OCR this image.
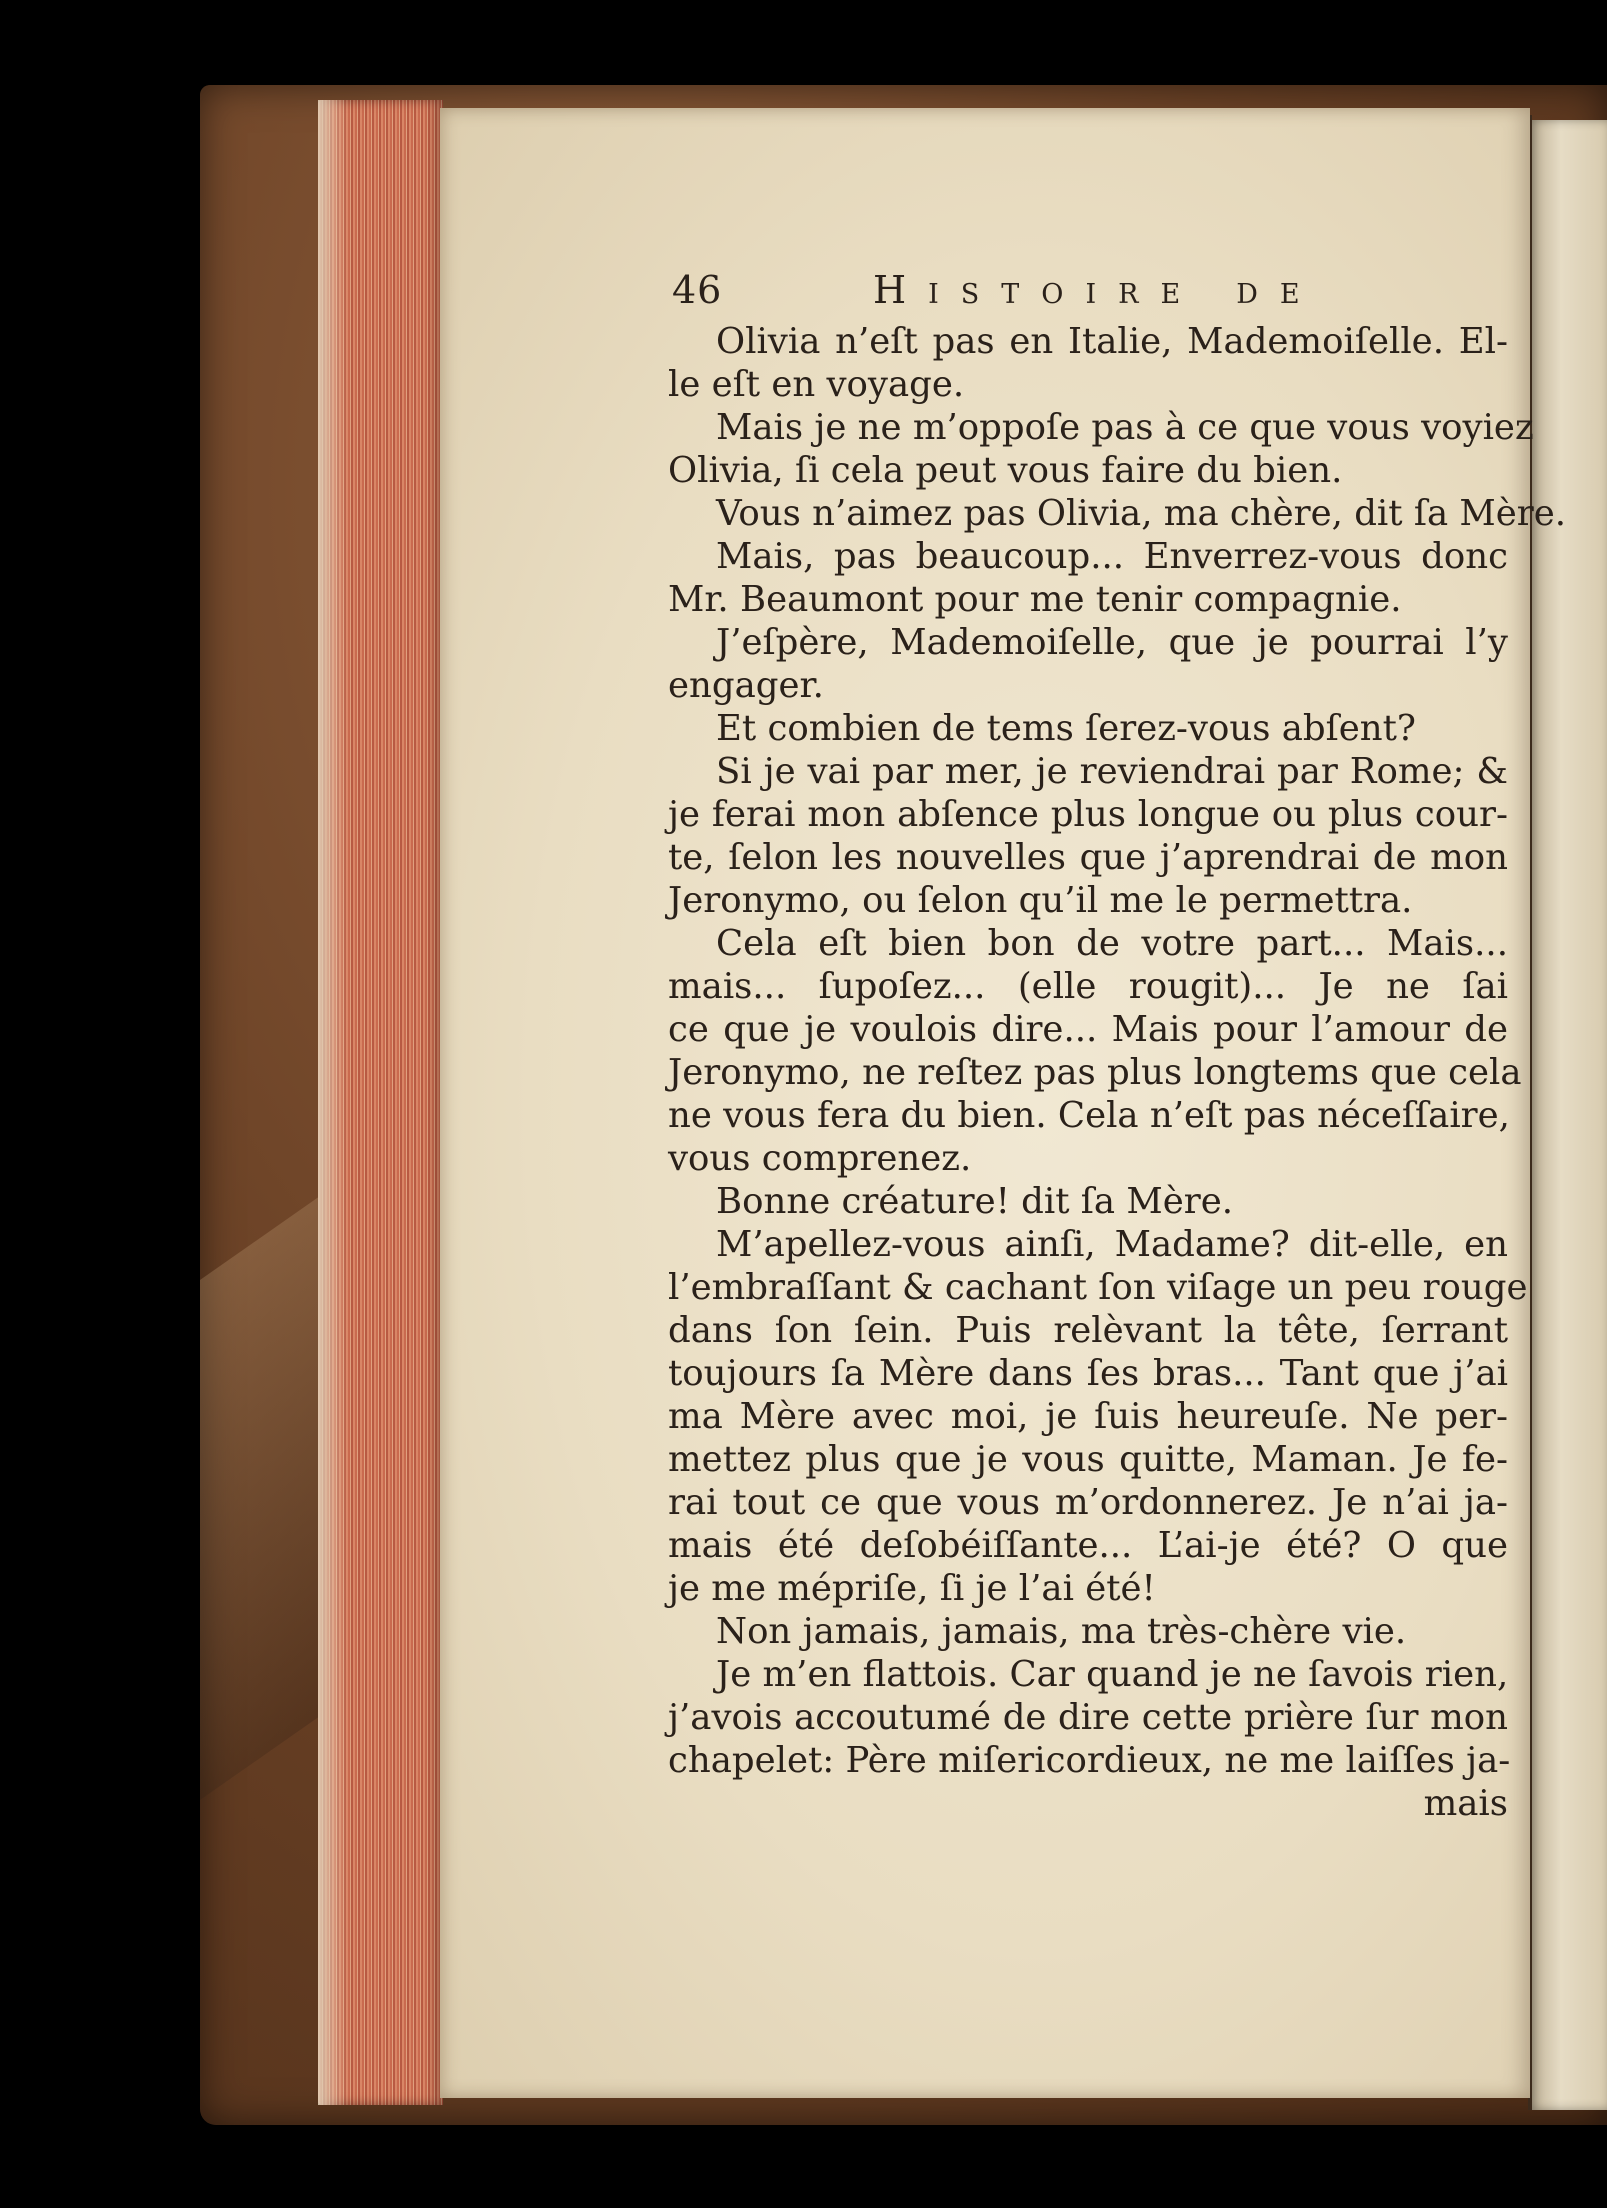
46	Histoire de
Olivia n’eſt pas en Italie, Mademoiſelle. El-
le eſt en voyage.
Mais je ne m’oppoſe pas à ce que vous voyiez
Olivia, ſi cela peut vous faire du bien.
Vous n’aimez pas Olivia, ma chère, dit ſa Mère.
Mais, pas beaucoup... Enverrez-vous donc
Mr. Beaumont pour me tenir compagnie.
J’eſpère, Mademoiſelle, que je pourrai l’y
engager.
Et combien de tems ſerez-vous abſent?
Si je vai par mer, je reviendrai par Rome; &
je ferai mon abſence plus longue ou plus cour-
te, ſelon les nouvelles que j’aprendrai de mon
Jeronymo, ou ſelon qu’il me le permettra.
Cela eſt bien bon de votre part... Mais...
mais... ſupoſez... (elle rougit)... Je ne ſai
ce que je voulois dire... Mais pour l’amour de
Jeronymo, ne reſtez pas plus longtems que cela
ne vous fera du bien. Cela n’eſt pas néceſſaire,
vous comprenez.
Bonne créature! dit ſa Mère.
M’apellez-vous ainſi, Madame? dit-elle, en
l’embraſſant & cachant ſon viſage un peu rouge
dans ſon ſein. Puis relèvant la tête, ſerrant
toujours ſa Mère dans ſes bras... Tant que j’ai
ma Mère avec moi, je ſuis heureuſe. Ne per-
mettez plus que je vous quitte, Maman. Je fe-
rai tout ce que vous m’ordonnerez. Je n’ai ja-
mais été deſobéiſſante... L’ai-je été? O que
je me mépriſe, ſi je l’ai été!
Non jamais, jamais, ma très-chère vie.
Je m’en flattois. Car quand je ne ſavois rien,
j’avois accoutumé de dire cette prière ſur mon
chapelet: Père miſericordieux, ne me laiſſes ja-
mais
